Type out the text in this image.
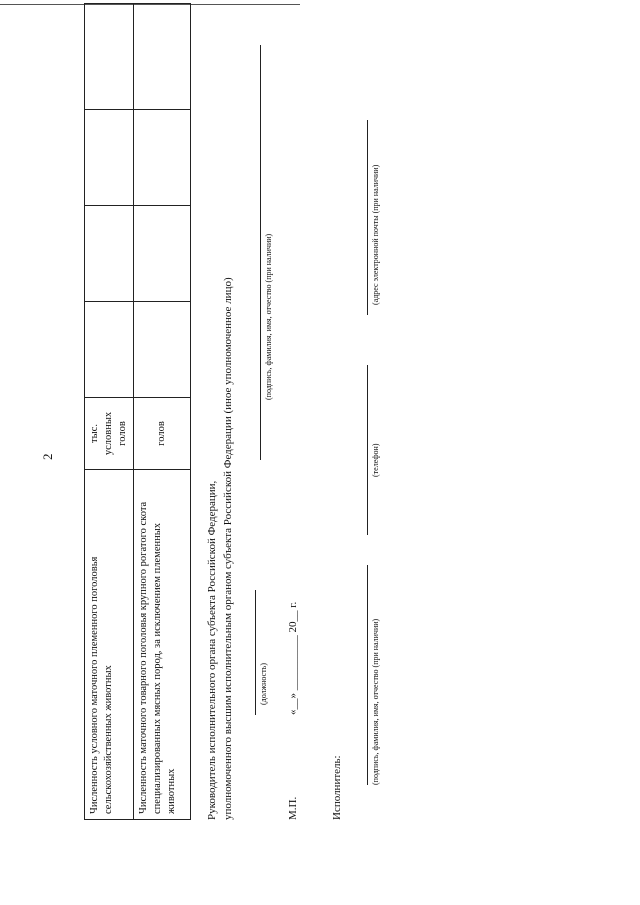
2
Численность условного маточного племенного поголовья сельскохозяйственных животных	тыс. условных голов				
Численность маточного товарного поголовья крупного рогатого скота специализированных мясных пород, за исключением племенных животных	голов				
Руководитель исполнительного органа субъекта Российской Федерации, уполномоченного высшим исполнительным органом субъекта Российской Федерации (иное уполномоченное лицо)	(должность)
(подпись, фамилия, имя, отчество (при наличии)
М.П.
«__» __________ 20__ г.
Исполнитель:
(подпись, фамилия, имя, отчество (при наличии)
(телефон)
(адрес электронной почты (при наличии)
